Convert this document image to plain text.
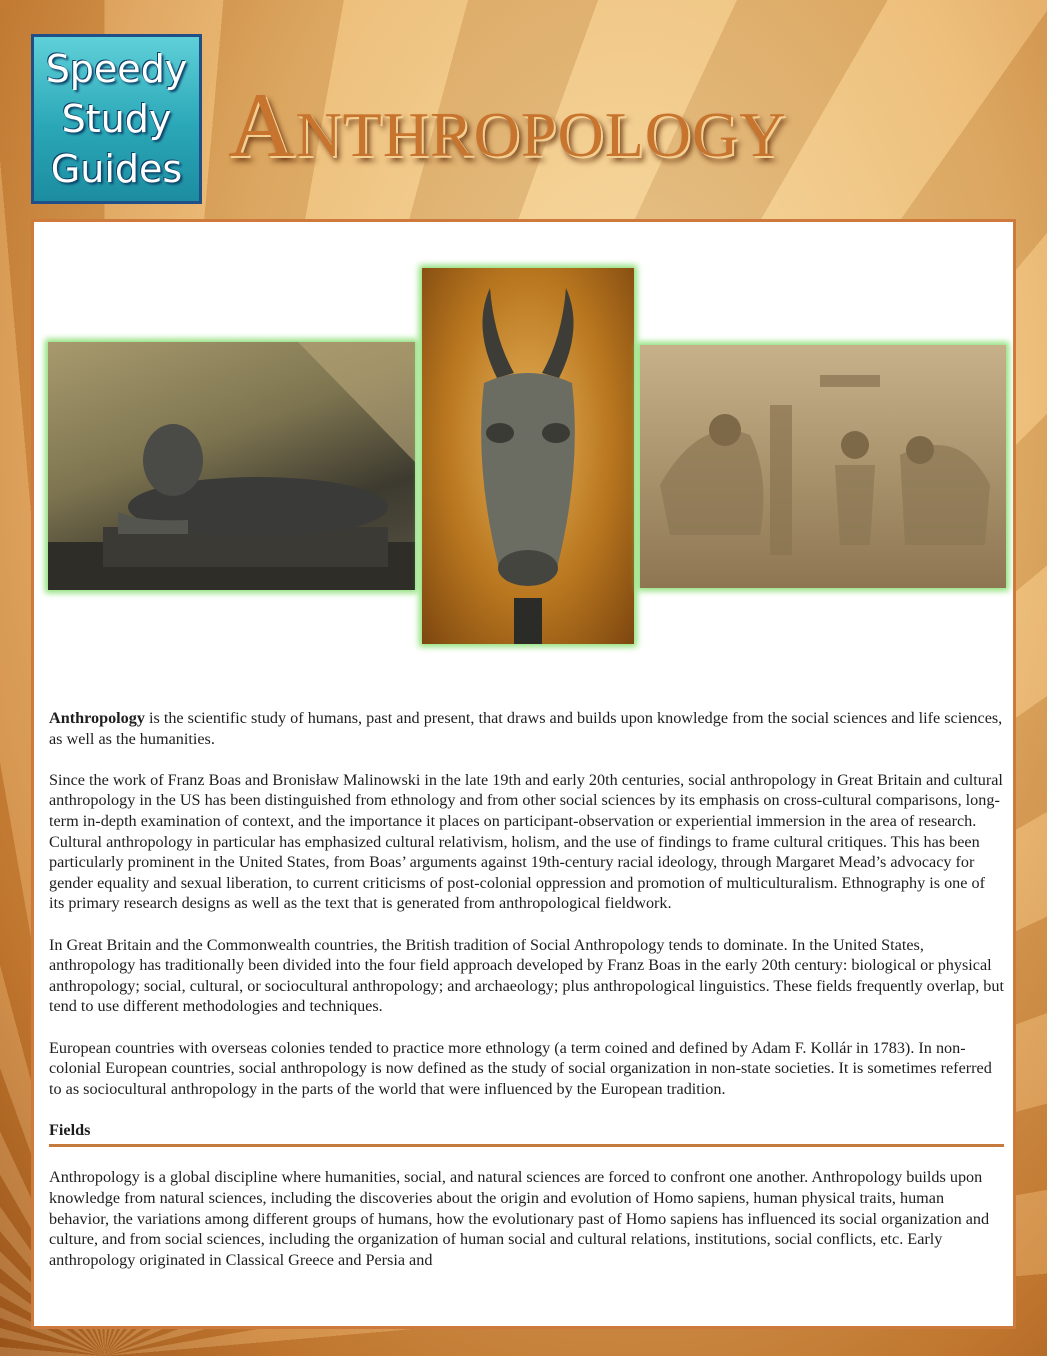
Speedy
Study
Guides Anthropology

Anthropology is the scientific study of humans, past and present, that draws and builds upon knowledge from the social sciences and life sciences, as well as the humanities.

Since the work of Franz Boas and Bronisław Malinowski in the late 19th and early 20th centuries, social anthropology in Great Britain and cultural anthropology in the US has been distinguished from ethnology and from other social sciences by its emphasis on cross-cultural comparisons, long-term in-depth examination of context, and the importance it places on participant-observation or experiential immersion in the area of research. Cultural anthropology in particular has emphasized cultural relativism, holism, and the use of findings to frame cultural critiques. This has been particularly prominent in the United States, from Boas’ arguments against 19th-century racial ideology, through Margaret Mead’s advocacy for gender equality and sexual liberation, to current criticisms of post-colonial oppression and promotion of multiculturalism. Ethnography is one of its primary research designs as well as the text that is generated from anthropological fieldwork.

In Great Britain and the Commonwealth countries, the British tradition of Social Anthropology tends to dominate. In the United States, anthropology has traditionally been divided into the four field approach developed by Franz Boas in the early 20th century: biological or physical anthropology; social, cultural, or sociocultural anthropology; and archaeology; plus anthropological linguistics. These fields frequently overlap, but tend to use different methodologies and techniques.

European countries with overseas colonies tended to practice more ethnology (a term coined and defined by Adam F. Kollár in 1783). In non-colonial European countries, social anthropology is now defined as the study of social organization in non-state societies. It is sometimes referred to as sociocultural anthropology in the parts of the world that were influenced by the European tradition.

Fields

Anthropology is a global discipline where humanities, social, and natural sciences are forced to confront one another. Anthropology builds upon knowledge from natural sciences, including the discoveries about the origin and evolution of Homo sapiens, human physical traits, human behavior, the variations among different groups of humans, how the evolutionary past of Homo sapiens has influenced its social organization and culture, and from social sciences, including the organization of human social and cultural relations, institutions, social conflicts, etc. Early anthropology originated in Classical Greece and Persia and
